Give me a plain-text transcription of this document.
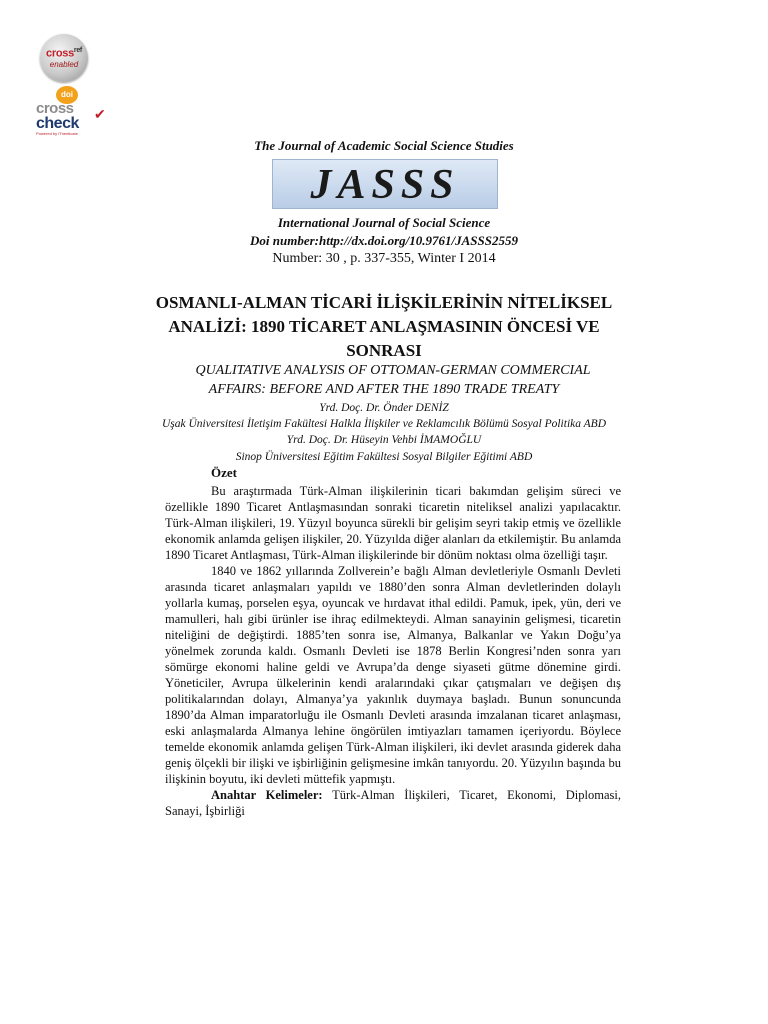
cross$^{ref}$
enabled
doi
cross
check
Powered by iThenticate
✔
The Journal of Academic Social Science Studies
JASSS
International Journal of Social Science
Doi number:http://dx.doi.org/10.9761/JASSS2559
Number: 30 , p. 337-355, Winter I 2014
OSMANLI-ALMAN TİCARİ İLİŞKİLERİNİN NİTELİKSEL
ANALİZİ: 1890 TİCARET ANLAŞMASININ ÖNCESİ VE
SONRASI
QUALITATIVE ANALYSIS OF OTTOMAN-GERMAN COMMERCIAL
AFFAIRS: BEFORE AND AFTER THE 1890 TRADE TREATY
Yrd. Doç. Dr. Önder DENİZ
Uşak Üniversitesi İletişim Fakültesi Halkla İlişkiler ve Reklamcılık Bölümü Sosyal Politika ABD
Yrd. Doç. Dr. Hüseyin Vehbi İMAMOĞLU
Sinop Üniversitesi Eğitim Fakültesi Sosyal Bilgiler Eğitimi ABD
Özet

Bu araştırmada Türk-Alman ilişkilerinin ticari bakımdan gelişim süreci ve özellikle 1890 Ticaret Antlaşmasından sonraki ticaretin niteliksel analizi yapılacaktır. Türk-Alman ilişkileri, 19. Yüzyıl boyunca sürekli bir gelişim seyri takip etmiş ve özellikle ekonomik anlamda gelişen ilişkiler, 20. Yüzyılda diğer alanları da etkilemiştir. Bu anlamda 1890 Ticaret Antlaşması, Türk-Alman ilişkilerinde bir dönüm noktası olma özelliği taşır.

1840 ve 1862 yıllarında Zollverein’e bağlı Alman devletleriyle Osmanlı Devleti arasında ticaret anlaşmaları yapıldı ve 1880’den sonra Alman devletlerinden dolaylı yollarla kumaş, porselen eşya, oyuncak ve hırdavat ithal edildi. Pamuk, ipek, yün, deri ve mamulleri, halı gibi ürünler ise ihraç edilmekteydi. Alman sanayinin gelişmesi, ticaretin niteliğini de değiştirdi. 1885’ten sonra ise, Almanya, Balkanlar ve Yakın Doğu’ya yönelmek zorunda kaldı. Osmanlı Devleti ise 1878 Berlin Kongresi’nden sonra yarı sömürge ekonomi haline geldi ve Avrupa’da denge siyaseti gütme dönemine girdi. Yöneticiler, Avrupa ülkelerinin kendi aralarındaki çıkar çatışmaları ve değişen dış politikalarından dolayı, Almanya’ya yakınlık duymaya başladı. Bunun sonuncunda 1890’da Alman imparatorluğu ile Osmanlı Devleti arasında imzalanan ticaret anlaşması, eski anlaşmalarda Almanya lehine öngörülen imtiyazları tamamen içeriyordu. Böylece temelde ekonomik anlamda gelişen Türk-Alman ilişkileri, iki devlet arasında giderek daha geniş ölçekli bir ilişki ve işbirliğinin gelişmesine imkân tanıyordu. 20. Yüzyılın başında bu ilişkinin boyutu, iki devleti müttefik yapmıştı.

Anahtar Kelimeler: Türk-Alman İlişkileri, Ticaret, Ekonomi, Diplomasi, Sanayi, İşbirliği
